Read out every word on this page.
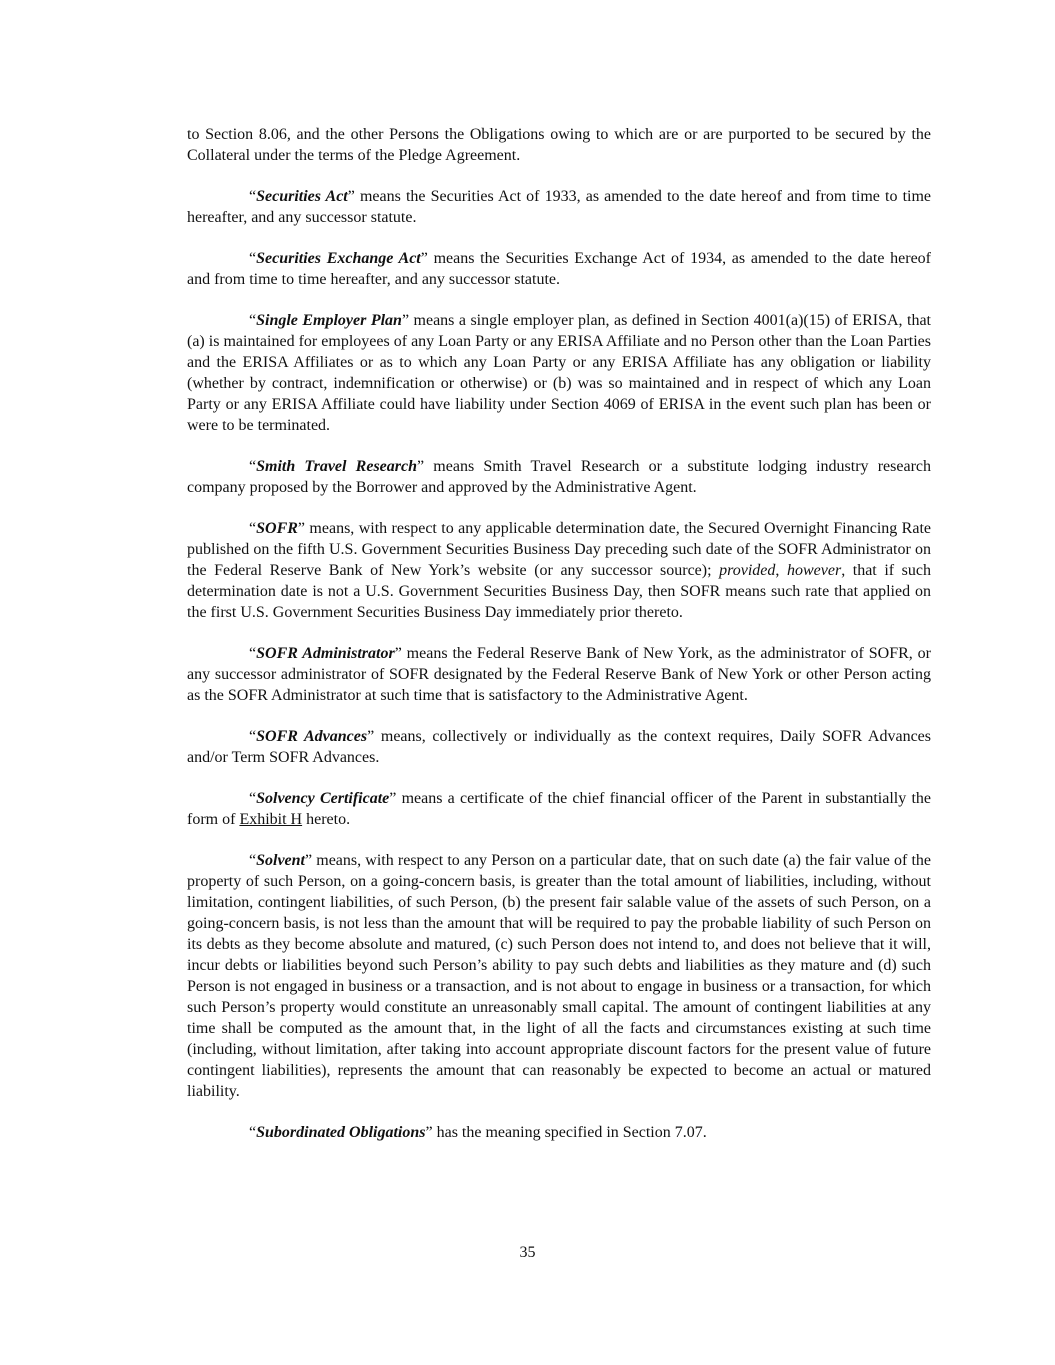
to Section 8.06, and the other Persons the Obligations owing to which are or are purported to be secured by the Collateral under the terms of the Pledge Agreement.

“Securities Act” means the Securities Act of 1933, as amended to the date hereof and from time to time hereafter, and any successor statute.

“Securities Exchange Act” means the Securities Exchange Act of 1934, as amended to the date hereof and from time to time hereafter, and any successor statute.

“Single Employer Plan” means a single employer plan, as defined in Section 4001(a)(15) of ERISA, that (a) is maintained for employees of any Loan Party or any ERISA Affiliate and no Person other than the Loan Parties and the ERISA Affiliates or as to which any Loan Party or any ERISA Affiliate has any obligation or liability (whether by contract, indemnification or otherwise) or (b) was so maintained and in respect of which any Loan Party or any ERISA Affiliate could have liability under Section 4069 of ERISA in the event such plan has been or were to be terminated.

“Smith Travel Research” means Smith Travel Research or a substitute lodging industry research company proposed by the Borrower and approved by the Administrative Agent.

“SOFR” means, with respect to any applicable determination date, the Secured Overnight Financing Rate published on the fifth U.S. Government Securities Business Day preceding such date of the SOFR Administrator on the Federal Reserve Bank of New York’s website (or any successor source); provided, however, that if such determination date is not a U.S. Government Securities Business Day, then SOFR means such rate that applied on the first U.S. Government Securities Business Day immediately prior thereto.

“SOFR Administrator” means the Federal Reserve Bank of New York, as the administrator of SOFR, or any successor administrator of SOFR designated by the Federal Reserve Bank of New York or other Person acting as the SOFR Administrator at such time that is satisfactory to the Administrative Agent.

“SOFR Advances” means, collectively or individually as the context requires, Daily SOFR Advances and/or Term SOFR Advances.

“Solvency Certificate” means a certificate of the chief financial officer of the Parent in substantially the form of Exhibit H hereto.

“Solvent” means, with respect to any Person on a particular date, that on such date (a) the fair value of the property of such Person, on a going-concern basis, is greater than the total amount of liabilities, including, without limitation, contingent liabilities, of such Person, (b) the present fair salable value of the assets of such Person, on a going-concern basis, is not less than the amount that will be required to pay the probable liability of such Person on its debts as they become absolute and matured, (c) such Person does not intend to, and does not believe that it will, incur debts or liabilities beyond such Person’s ability to pay such debts and liabilities as they mature and (d) such Person is not engaged in business or a transaction, and is not about to engage in business or a transaction, for which such Person’s property would constitute an unreasonably small capital. The amount of contingent liabilities at any time shall be computed as the amount that, in the light of all the facts and circumstances existing at such time (including, without limitation, after taking into account appropriate discount factors for the present value of future contingent liabilities), represents the amount that can reasonably be expected to become an actual or matured liability.

“Subordinated Obligations” has the meaning specified in Section 7.07.

35
